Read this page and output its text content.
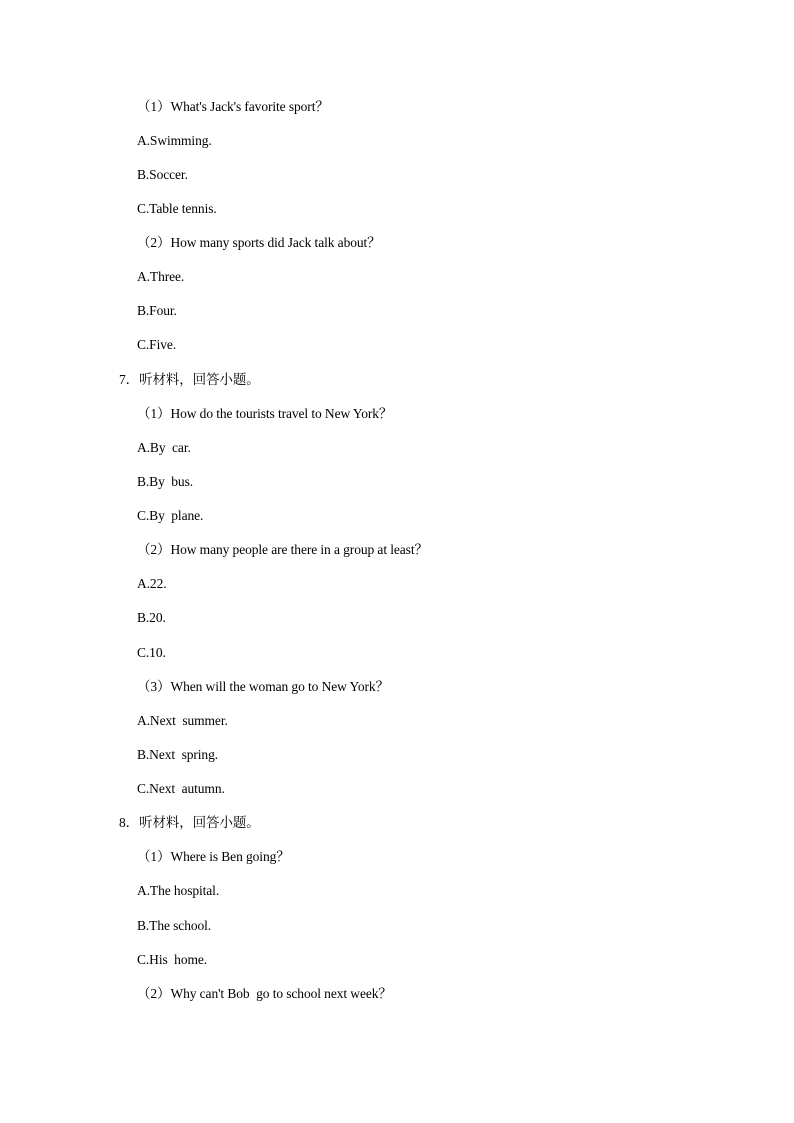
（1）What's Jack's favorite sport？
A.Swimming.
B.Soccer.
C.Table tennis.
（2）How many sports did Jack talk about？
A.Three.
B.Four.
C.Five.
7．听材料，回答小题。
（1）How do the tourists travel to New York？
A.By  car.
B.By  bus.
C.By  plane.
（2）How many people are there in a group at least？
A.22.
B.20.
C.10.
（3）When will the woman go to New York？
A.Next  summer.
B.Next  spring.
C.Next  autumn.
8．听材料，回答小题。
（1）Where is Ben going？
A.The hospital.
B.The school.
C.His  home.
（2）Why can't Bob  go to school next week？
